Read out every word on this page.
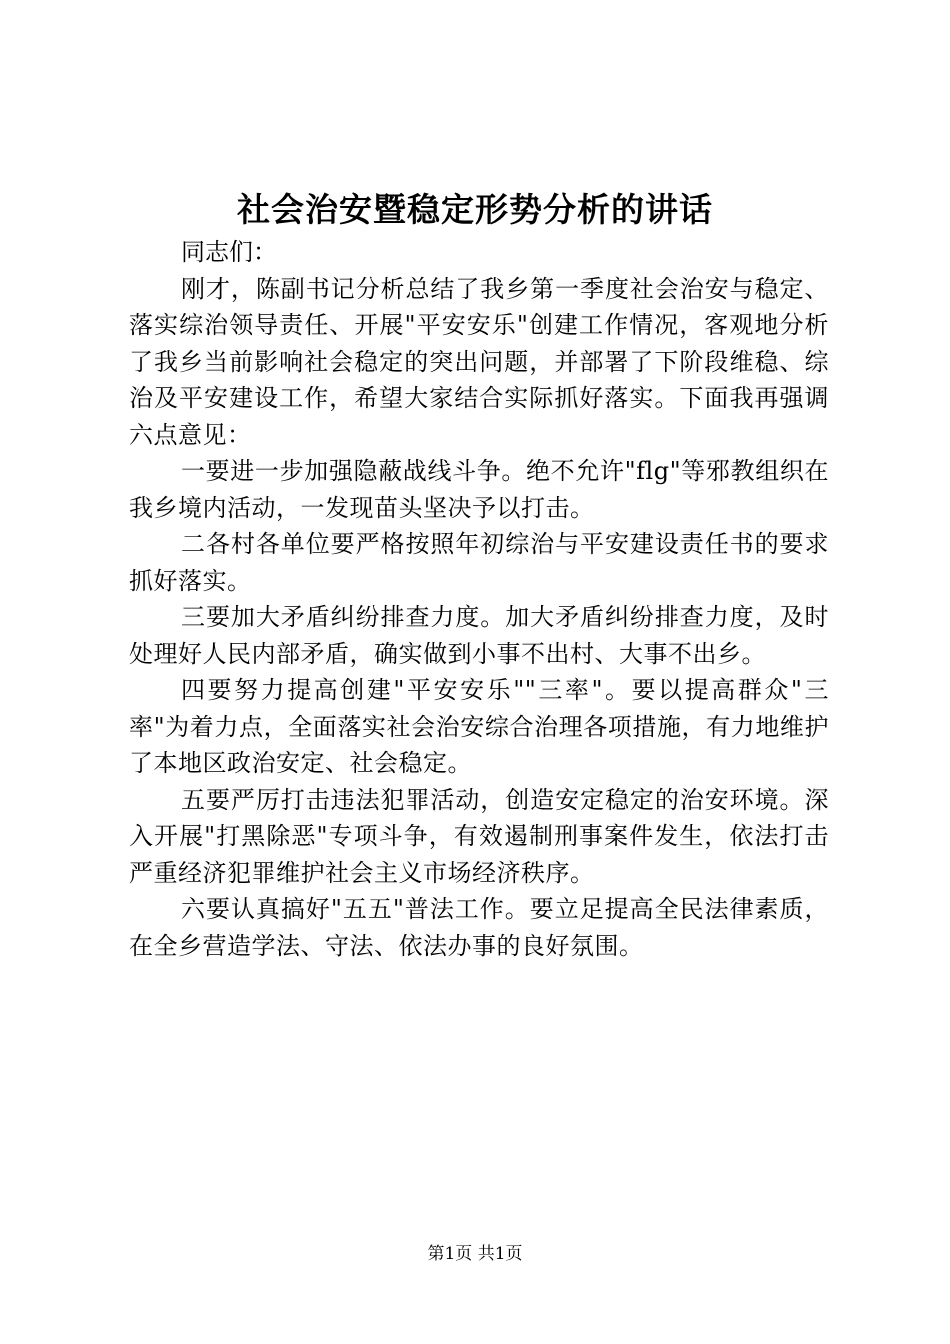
社会治安暨稳定形势分析的讲话

同志们：

刚才，陈副书记分析总结了我乡第一季度社会治安与稳定、落实综治领导责任、开展"平安安乐"创建工作情况，客观地分析了我乡当前影响社会稳定的突出问题，并部署了下阶段维稳、综治及平安建设工作，希望大家结合实际抓好落实。下面我再强调六点意见：

一要进一步加强隐蔽战线斗争。绝不允许"flg"等邪教组织在我乡境内活动，一发现苗头坚决予以打击。

二各村各单位要严格按照年初综治与平安建设责任书的要求抓好落实。

三要加大矛盾纠纷排查力度。加大矛盾纠纷排查力度，及时处理好人民内部矛盾，确实做到小事不出村、大事不出乡。

四要努力提高创建"平安安乐""三率"。要以提高群众"三率"为着力点，全面落实社会治安综合治理各项措施，有力地维护了本地区政治安定、社会稳定。

五要严厉打击违法犯罪活动，创造安定稳定的治安环境。深入开展"打黑除恶"专项斗争，有效遏制刑事案件发生，依法打击严重经济犯罪维护社会主义市场经济秩序。

六要认真搞好"五五"普法工作。要立足提高全民法律素质，在全乡营造学法、守法、依法办事的良好氛围。

第1页 共1页
